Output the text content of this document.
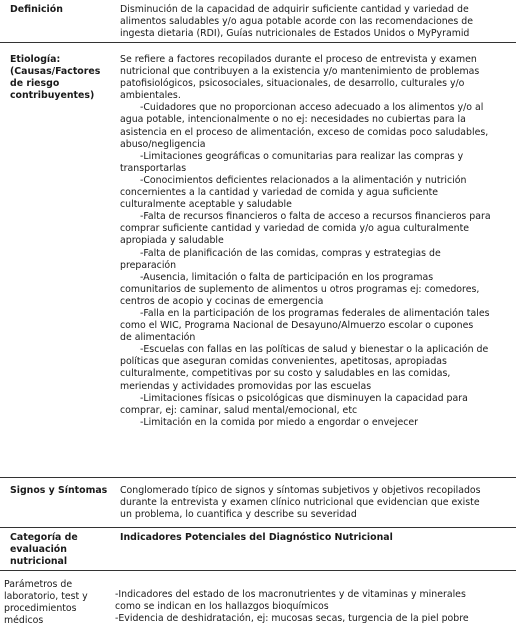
Definición	Disminución de la capacidad de adquirir suficiente cantidad y variedad de
alimentos saludables y/o agua potable acorde con las recomendaciones de
ingesta dietaria (RDI), Guías nutricionales de Estados Unidos o MyPyramid
Etiología:
(Causas/Factores
de riesgo
contribuyentes)
Se refiere a factores recopilados durante el proceso de entrevista y examen
nutricional que contribuyen a la existencia y/o mantenimiento de problemas
patofisiológicos, psicosociales, situacionales, de desarrollo, culturales y/o
ambientales.
-Cuidadores que no proporcionan acceso adecuado a los alimentos y/o al
agua potable, intencionalmente o no ej: necesidades no cubiertas para la
asistencia en el proceso de alimentación, exceso de comidas poco saludables,
abuso/negligencia
-Limitaciones geográficas o comunitarias para realizar las compras y
transportarlas
-Conocimientos deficientes relacionados a la alimentación y nutrición
concernientes a la cantidad y variedad de comida y agua suficiente
culturalmente aceptable y saludable
-Falta de recursos financieros o falta de acceso a recursos financieros para
comprar suficiente cantidad y variedad de comida y/o agua culturalmente
apropiada y saludable
-Falta de planificación de las comidas, compras y estrategias de
preparación
-Ausencia, limitación o falta de participación en los programas
comunitarios de suplemento de alimentos u otros programas ej: comedores,
centros de acopio y cocinas de emergencia
-Falla en la participación de los programas federales de alimentación tales
como el WIC, Programa Nacional de Desayuno/Almuerzo escolar o cupones
de alimentación
-Escuelas con fallas en las políticas de salud y bienestar o la aplicación de
políticas que aseguran comidas convenientes, apetitosas, apropiadas
culturalmente, competitivas por su costo y saludables en las comidas,
meriendas y actividades promovidas por las escuelas
-Limitaciones físicas o psicológicas que disminuyen la capacidad para
comprar, ej: caminar, salud mental/emocional, etc
-Limitación en la comida por miedo a engordar o envejecer
Signos y Síntomas Conglomerado típico de signos y síntomas subjetivos y objetivos recopilados
durante la entrevista y examen clínico nutricional que evidencian que existe
un problema, lo cuantifica y describe su severidad
Categoría de
evaluación
nutricional
Indicadores Potenciales del Diagnóstico Nutricional
Parámetros de
laboratorio, test y
procedimientos
médicos
-Indicadores del estado de los macronutrientes y de vitaminas y minerales
como se indican en los hallazgos bioquímicos
-Evidencia de deshidratación, ej: mucosas secas, turgencia de la piel pobre
